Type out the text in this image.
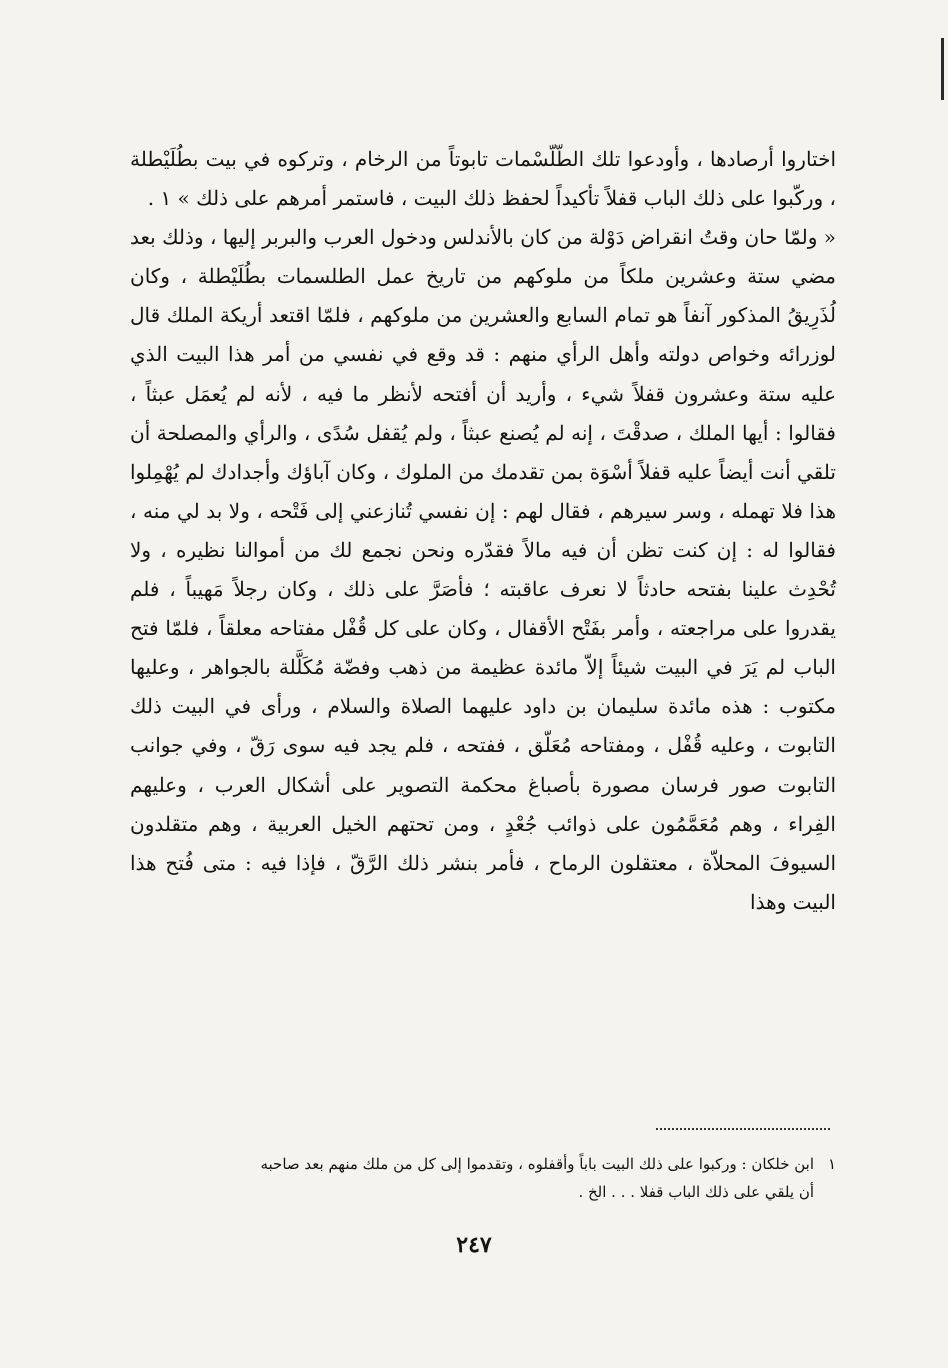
اختاروا أرصادها ، وأودعوا تلك الطّلّسْمات تابوتاً من الرخام ، وتركوه في بيت بطُلَيْطلة ، وركّبوا على ذلك الباب قفلاً تأكيداً لحفظ ذلك البيت ، فاستمر أمرهم على ذلك » ١ .

« ولمّا حان وقتُ انقراض دَوْلة من كان بالأندلس ودخول العرب والبربر إليها ، وذلك بعد مضي ستة وعشرين ملكاً من ملوكهم من تاريخ عمل الطلسمات بطُلَيْطلة ، وكان لُذَرِيقُ المذكور آنفاً هو تمام السابع والعشرين من ملوكهم ، فلمّا اقتعد أريكة الملك قال لوزرائه وخواص دولته وأهل الرأي منهم : قد وقع في نفسي من أمر هذا البيت الذي عليه ستة وعشرون قفلاً شيء ، وأريد أن أفتحه لأنظر ما فيه ، لأنه لم يُعمَل عبثاً ، فقالوا : أيها الملك ، صدقْتَ ، إنه لم يُصنع عبثاً ، ولم يُقفل سُدًى ، والرأي والمصلحة أن تلقي أنت أيضاً عليه قفلاً أسْوَة بمن تقدمك من الملوك ، وكان آباؤك وأجدادك لم يُهْمِلوا هذا فلا تهمله ، وسر سيرهم ، فقال لهم : إن نفسي تُنازعني إلى فَتْحه ، ولا بد لي منه ، فقالوا له : إن كنت تظن أن فيه مالاً فقدّره ونحن نجمع لك من أموالنا نظيره ، ولا تُحْدِث علينا بفتحه حادثاً لا نعرف عاقبته ؛ فأصَرَّ على ذلك ، وكان رجلاً مَهيباً ، فلم يقدروا على مراجعته ، وأمر بفَتْح الأقفال ، وكان على كل قُفْل مفتاحه معلقاً ، فلمّا فتح الباب لم يَرَ في البيت شيئاً إلاّ مائدة عظيمة من ذهب وفضّة مُكَلَّلة بالجواهر ، وعليها مكتوب : هذه مائدة سليمان بن داود عليهما الصلاة والسلام ، ورأى في البيت ذلك التابوت ، وعليه قُفْل ، ومفتاحه مُعَلّق ، ففتحه ، فلم يجد فيه سوى رَقّ ، وفي جوانب التابوت صور فرسان مصورة بأصباغ محكمة التصوير على أشكال العرب ، وعليهم الفِراء ، وهم مُعَمَّمُون على ذوائب جُعْدٍ ، ومن تحتهم الخيل العربية ، وهم متقلدون السيوفَ المحلاّة ، معتقلون الرماح ، فأمر بنشر ذلك الرَّقّ ، فإذا فيه : متى فُتح هذا البيت وهذا

١ابن خلكان : وركبوا على ذلك البيت باباً وأقفلوه ، وتقدموا إلى كل من ملك منهم بعد صاحبه
أن يلقي على ذلك الباب قفلا . . . الخ .

٢٤٧
